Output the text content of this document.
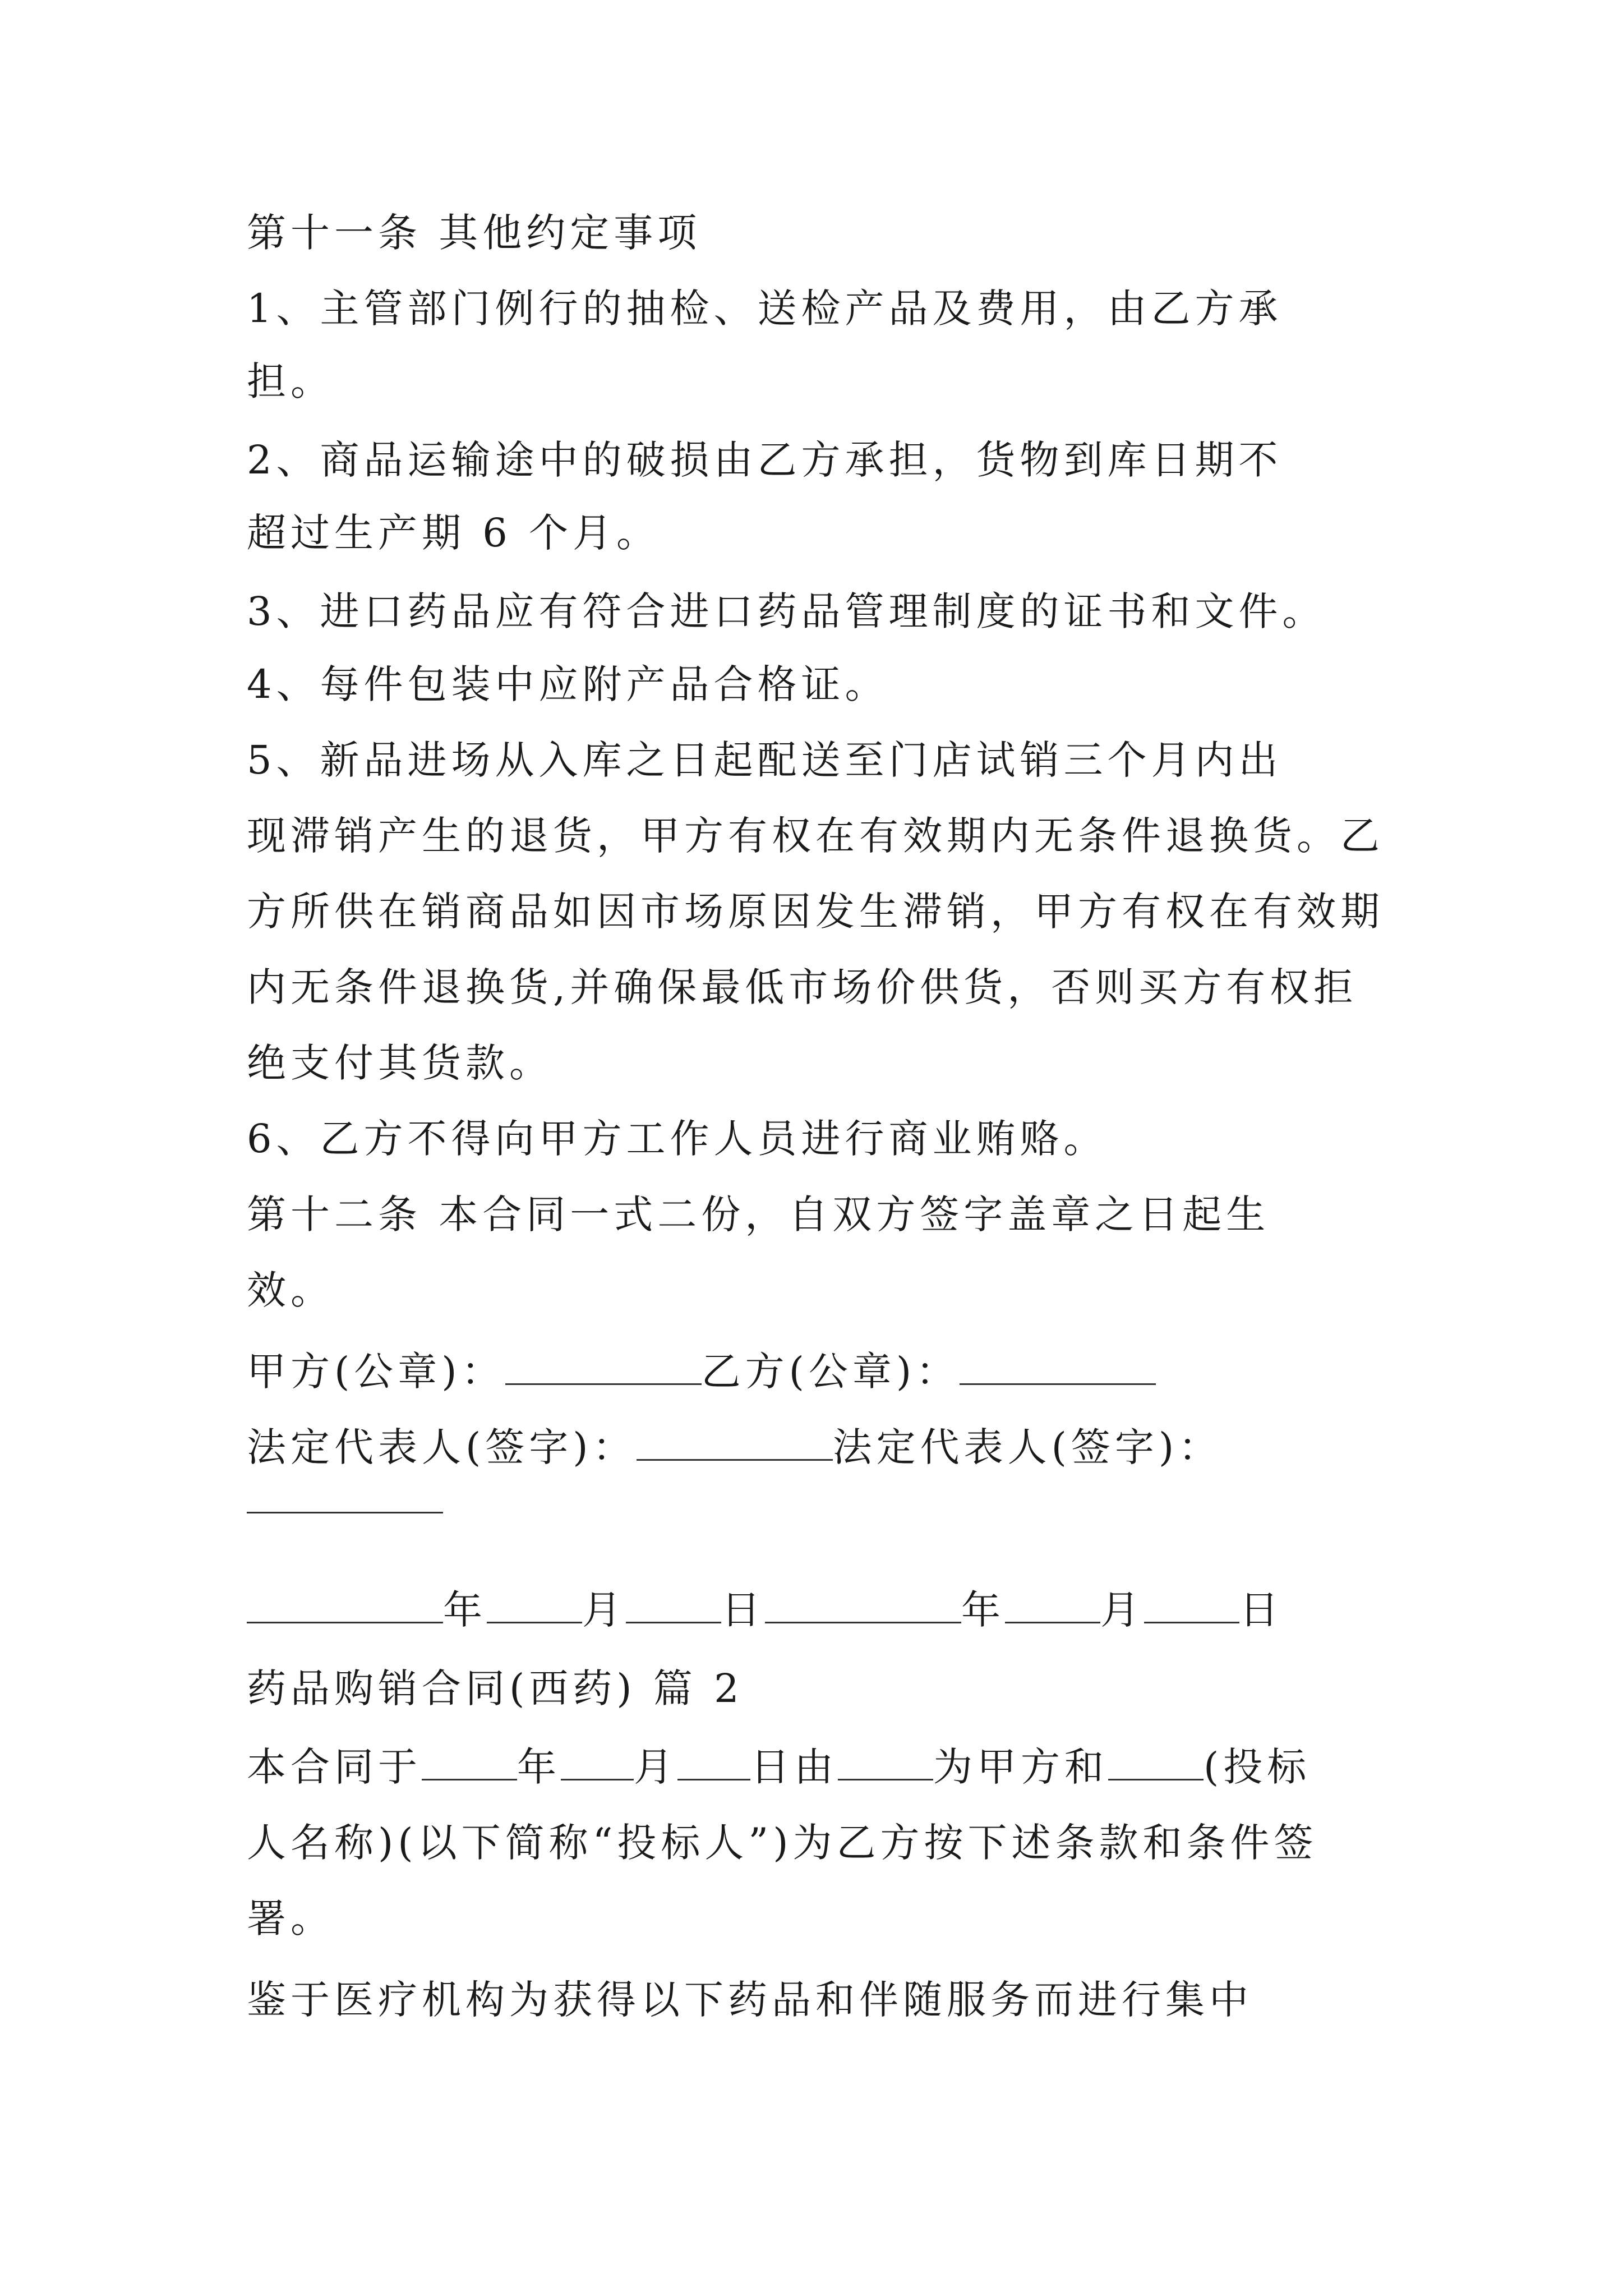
第十一条 其他约定事项
1、主管部门例行的抽检、送检产品及费用，由乙方承
担。
2、商品运输途中的破损由乙方承担，货物到库日期不
超过生产期 6 个月。
3、进口药品应有符合进口药品管理制度的证书和文件。
4、每件包装中应附产品合格证。
5、新品进场从入库之日起配送至门店试销三个月内出
现滞销产生的退货，甲方有权在有效期内无条件退换货。乙
方所供在销商品如因市场原因发生滞销，甲方有权在有效期
内无条件退换货,并确保最低市场价供货，否则买方有权拒
绝支付其货款。
6、乙方不得向甲方工作人员进行商业贿赂。
第十二条 本合同一式二份，自双方签字盖章之日起生
效。
甲方(公章)：	乙方(公章)：
法定代表人(签字)：	法定代表人(签字)：
年 月 日	年 月 日
药品购销合同(西药) 篇 2
本合同于 年 月 日由 为甲方和 (投标
人名称)(以下简称“投标人”)为乙方按下述条款和条件签
署。
鉴于医疗机构为获得以下药品和伴随服务而进行集中
